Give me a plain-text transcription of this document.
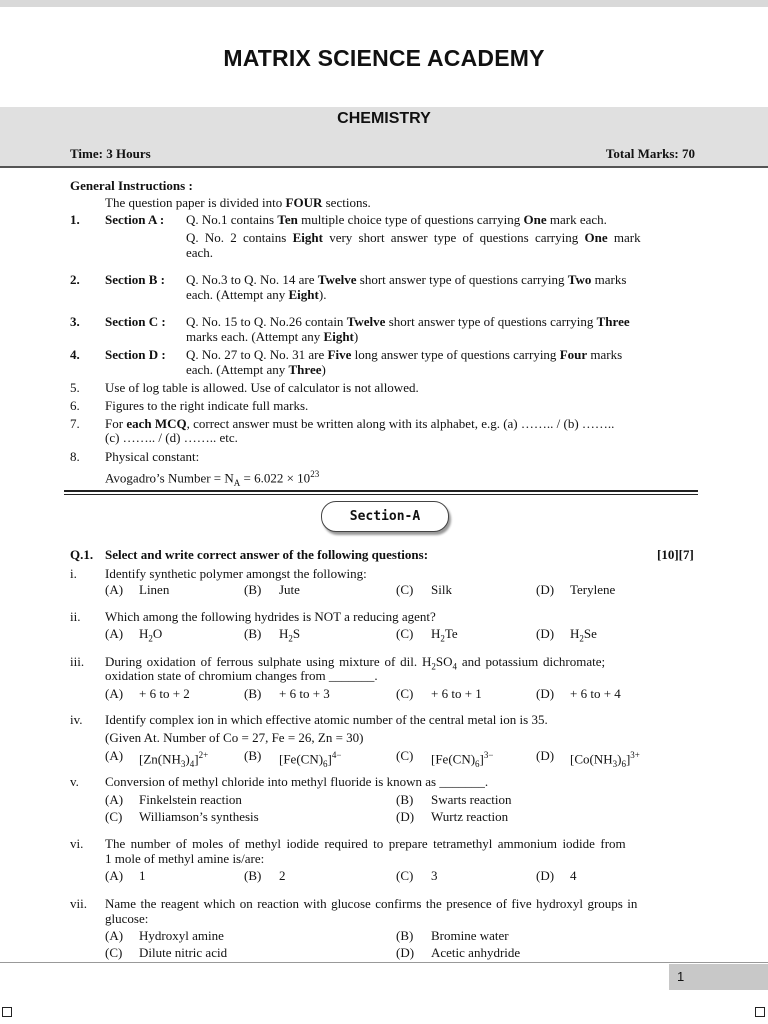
MATRIX SCIENCE ACADEMY
CHEMISTRY
Time: 3 Hours	Total Marks: 70
General Instructions :
The question paper is divided into FOUR sections.
1. Section A : Q. No.1 contains Ten multiple choice type of questions carrying One mark each.
Q. No. 2 contains Eight very short answer type of questions carrying One mark
each.
2. Section B : Q. No.3 to Q. No. 14 are Twelve short answer type of questions carrying Two marks
each. (Attempt any Eight).
3. Section C : Q. No. 15 to Q. No.26 contain Twelve short answer type of questions carrying Three
marks each. (Attempt any Eight)
4. Section D : Q. No. 27 to Q. No. 31 are Five long answer type of questions carrying Four marks
each. (Attempt any Three)
5. Use of log table is allowed. Use of calculator is not allowed.
6. Figures to the right indicate full marks.
7. For each MCQ, correct answer must be written along with its alphabet, e.g. (a) …….. / (b) ……..
(c) …….. / (d) …….. etc.
8. Physical constant:
Avogadro’s Number = $N_A = 6.022 \times 10^{23}$
Section-A
Q.1. Select and write correct answer of the following questions:	[10][7]
i. Identify synthetic polymer amongst the following:
(A) Linen	(B) Jute	(C) Silk	(D) Terylene
ii. Which among the following hydrides is NOT a reducing agent?
(A) $H_2O$	(B) $H_2S$	(C) $H_2Te$	(D) $H_2Se$
iii. During oxidation of ferrous sulphate using mixture of dil. $H_2SO_4$ and potassium dichromate;
oxidation state of chromium changes from _______.
(A) + 6 to + 2	(B) + 6 to + 3	(C) + 6 to + 1	(D) + 6 to + 4
iv. Identify complex ion in which effective atomic number of the central metal ion is 35.
(Given At. Number of Co = 27, Fe = 26, Zn = 30)
(A) $[Zn(NH_3)_4]^{2+}$	(B) $[Fe(CN)_6]^{4-}$	(C) $[Fe(CN)_6]^{3-}$	(D) $[Co(NH_3)_6]^{3+}$
v. Conversion of methyl chloride into methyl fluoride is known as _______.
(A) Finkelstein reaction	(B) Swarts reaction
(C) Williamson’s synthesis	(D) Wurtz reaction
vi. The number of moles of methyl iodide required to prepare tetramethyl ammonium iodide from
1 mole of methyl amine is/are:
(A) 1	(B) 2	(C) 3	(D) 4
vii. Name the reagent which on reaction with glucose confirms the presence of five hydroxyl groups in
glucose:
(A) Hydroxyl amine	(B) Bromine water
(C) Dilute nitric acid	(D) Acetic anhydride
1
